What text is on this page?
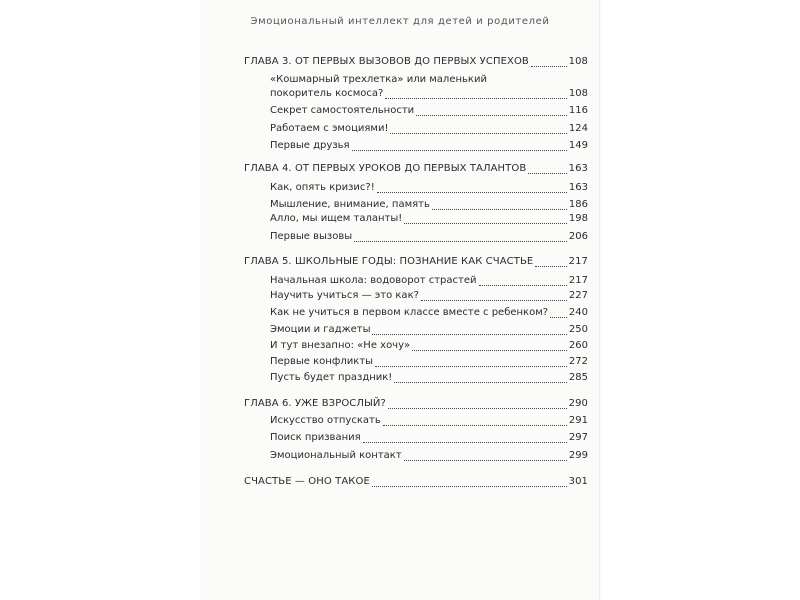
Эмоциональный интеллект для детей и родителей
ГЛАВА 3. ОТ ПЕРВЫХ ВЫЗОВОВ ДО ПЕРВЫХ УСПЕХОВ	108
«Кошмарный трехлетка» или маленький
покоритель космоса?	108
Секрет самостоятельности	116
Работаем с эмоциями!	124
Первые друзья	149
ГЛАВА 4. ОТ ПЕРВЫХ УРОКОВ ДО ПЕРВЫХ ТАЛАНТОВ	163
Как, опять кризис?!	163
Мышление, внимание, память	186
Алло, мы ищем таланты!	198
Первые вызовы	206
ГЛАВА 5. ШКОЛЬНЫЕ ГОДЫ: ПОЗНАНИЕ КАК СЧАСТЬЕ	217
Начальная школа: водоворот страстей	217
Научить учиться — это как?	227
Как не учиться в первом классе вместе с ребенком? 240
Эмоции и гаджеты	250
И тут внезапно: «Не хочу»	260
Первые конфликты	272
Пусть будет праздник!	285
ГЛАВА 6. УЖЕ ВЗРОСЛЫЙ?	290
Искусство отпускать	291
Поиск призвания	297
Эмоциональный контакт	299
СЧАСТЬЕ — ОНО ТАКОЕ	301
